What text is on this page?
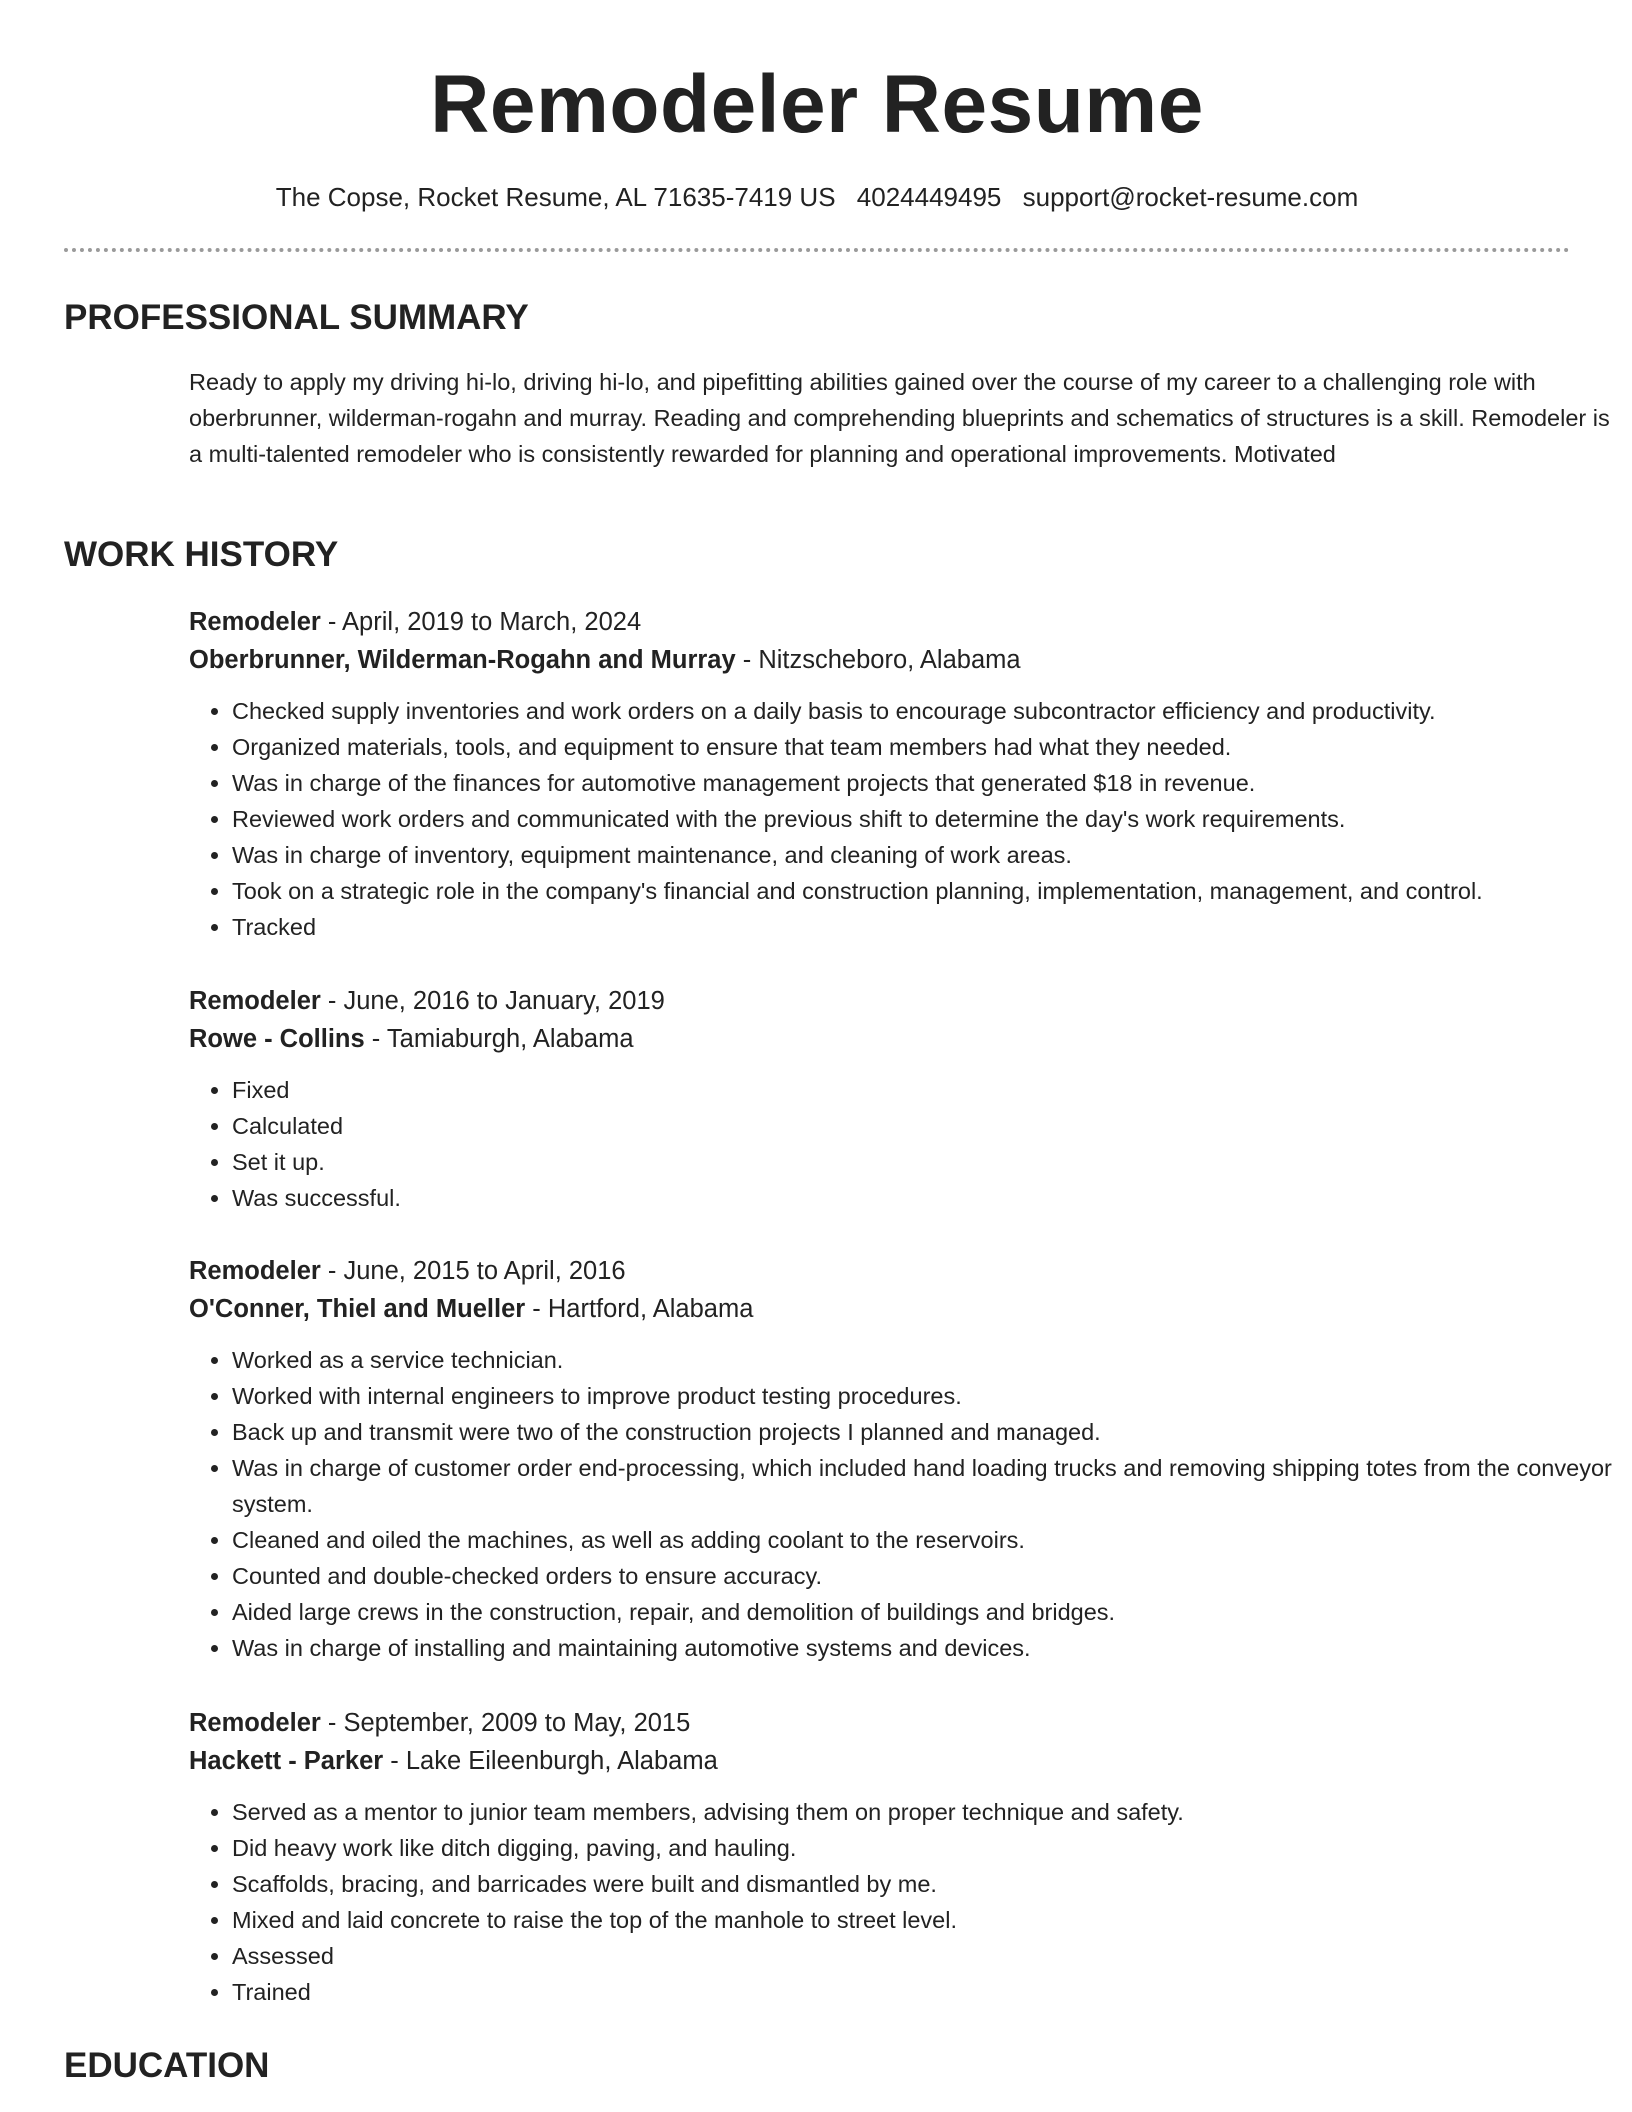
Remodeler Resume
The Copse, Rocket Resume, AL 71635-7419 US 4024449495 support@rocket-resume.com
PROFESSIONAL SUMMARY

Ready to apply my driving hi-lo, driving hi-lo, and pipefitting abilities gained over the course of my career to a challenging role with oberbrunner, wilderman-rogahn and murray. Reading and comprehending blueprints and schematics of structures is a skill. Remodeler is a multi-talented remodeler who is consistently rewarded for planning and operational improvements. Motivated

WORK HISTORY

Remodeler - April, 2019 to March, 2024

Oberbrunner, Wilderman-Rogahn and Murray - Nitzscheboro, Alabama

• Checked supply inventories and work orders on a daily basis to encourage subcontractor efficiency and productivity.
• Organized materials, tools, and equipment to ensure that team members had what they needed.
• Was in charge of the finances for automotive management projects that generated $18 in revenue.
• Reviewed work orders and communicated with the previous shift to determine the day's work requirements.
• Was in charge of inventory, equipment maintenance, and cleaning of work areas.
• Took on a strategic role in the company's financial and construction planning, implementation, management, and control.
• Tracked

Remodeler - June, 2016 to January, 2019

Rowe - Collins - Tamiaburgh, Alabama

• Fixed
• Calculated
• Set it up.
• Was successful.

Remodeler - June, 2015 to April, 2016

O'Conner, Thiel and Mueller - Hartford, Alabama

• Worked as a service technician.
• Worked with internal engineers to improve product testing procedures.
• Back up and transmit were two of the construction projects I planned and managed.
• Was in charge of customer order end-processing, which included hand loading trucks and removing shipping totes from the conveyor system.
• Cleaned and oiled the machines, as well as adding coolant to the reservoirs.
• Counted and double-checked orders to ensure accuracy.
• Aided large crews in the construction, repair, and demolition of buildings and bridges.
• Was in charge of installing and maintaining automotive systems and devices.

Remodeler - September, 2009 to May, 2015

Hackett - Parker - Lake Eileenburgh, Alabama

• Served as a mentor to junior team members, advising them on proper technique and safety.
• Did heavy work like ditch digging, paving, and hauling.
• Scaffolds, bracing, and barricades were built and dismantled by me.
• Mixed and laid concrete to raise the top of the manhole to street level.
• Assessed
• Trained
EDUCATION
